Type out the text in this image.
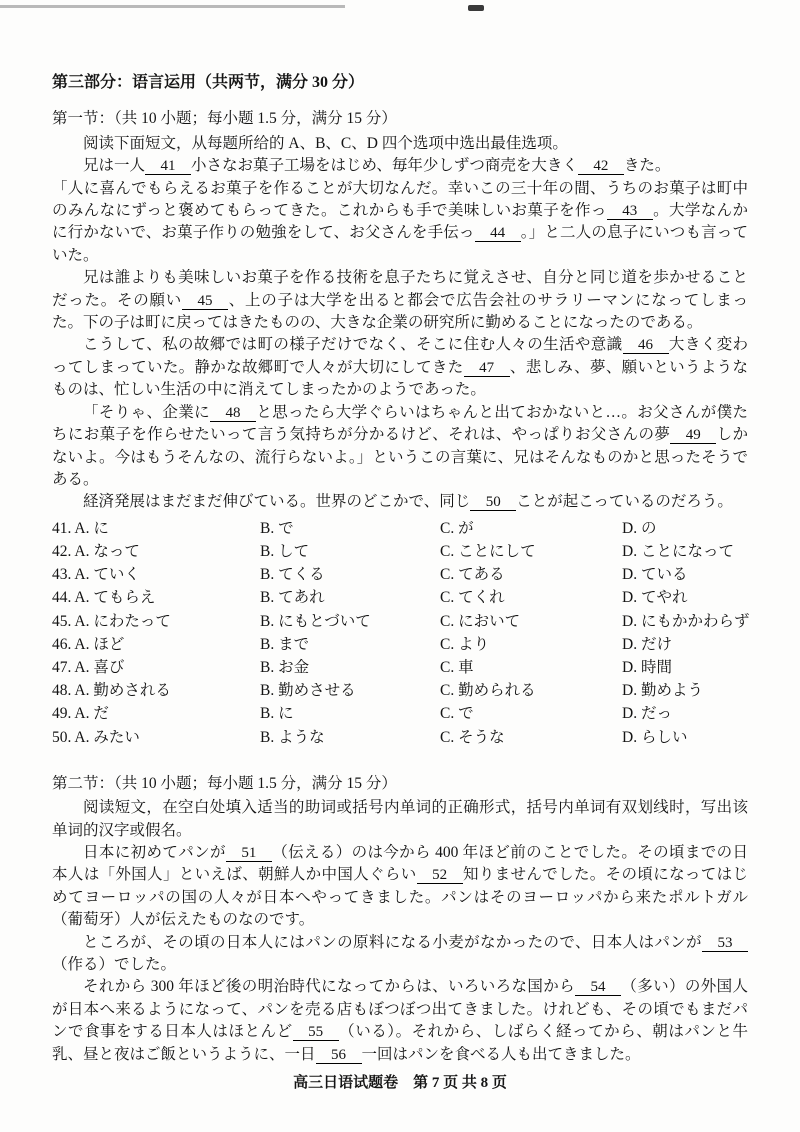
第三部分：语言运用（共两节，满分 30 分）

第一节：（共 10 小题；每小题 1.5 分，满分 15 分）

阅读下面短文，从每题所给的 A、B、C、D 四个选项中选出最佳选项。

兄は一人 41 小さなお菓子工場をはじめ、毎年少しずつ商売を大きく 42 きた。

「人に喜んでもらえるお菓子を作ることが大切なんだ。幸いこの三十年の間、うちのお菓子は町中のみんなにずっと褒めてもらってきた。これからも手で美味しいお菓子を作っ 43 。大学なんかに行かないで、お菓子作りの勉強をして、お父さんを手伝っ 44 。」と二人の息子にいつも言っていた。

兄は誰よりも美味しいお菓子を作る技術を息子たちに覚えさせ、自分と同じ道を歩かせることだった。その願い 45 、上の子は大学を出ると都会で広告会社のサラリーマンになってしまった。下の子は町に戻ってはきたものの、大きな企業の研究所に勤めることになったのである。

こうして、私の故郷では町の様子だけでなく、そこに住む人々の生活や意識 46 大きく変わってしまっていた。静かな故郷町で人々が大切にしてきた 47 、悲しみ、夢、願いというようなものは、忙しい生活の中に消えてしまったかのようであった。

「そりゃ、企業に 48 と思ったら大学ぐらいはちゃんと出ておかないと…。お父さんが僕たちにお菓子を作らせたいって言う気持ちが分かるけど、それは、やっぱりお父さんの夢 49 しかないよ。今はもうそんなの、流行らないよ。」というこの言葉に、兄はそんなものかと思ったそうである。

経済発展はまだまだ伸びている。世界のどこかで、同じ 50 ことが起こっているのだろう。

41. A. に	B. で	C. が	D. の
42. A. なって	B. して	C. ことにして	D. ことになって
43. A. ていく	B. てくる	C. てある	D. ている
44. A. てもらえ	B. てあれ	C. てくれ	D. てやれ
45. A. にわたって	B. にもとづいて	C. において	D. にもかかわらず
46. A. ほど	B. まで	C. より	D. だけ
47. A. 喜び	B. お金	C. 車	D. 時間
48. A. 勤めされる	B. 勤めさせる	C. 勤められる	D. 勤めよう
49. A. だ	B. に	C. で	D. だっ
50. A. みたい	B. ような	C. そうな	D. らしい

第二节：（共 10 小题；每小题 1.5 分，满分 15 分）

阅读短文，在空白处填入适当的助词或括号内单词的正确形式，括号内单词有双划线时，写出该单词的汉字或假名。

日本に初めてパンが 51 （伝える）のは今から 400 年ほど前のことでした。その頃までの日本人は「外国人」といえば、朝鮮人か中国人ぐらい 52 知りませんでした。その頃になってはじめてヨーロッパの国の人々が日本へやってきました。パンはそのヨーロッパから来たポルトガル（葡萄牙）人が伝えたものなのです。

ところが、その頃の日本人にはパンの原料になる小麦がなかったので、日本人はパンが 53（作る）でした。

それから 300 年ほど後の明治時代になってからは、いろいろな国から 54 （多い）の外国人が日本へ来るようになって、パンを売る店もぼつぼつ出てきました。けれども、その頃でもまだパンで食事をする日本人はほとんど 55 （いる）。それから、しばらく経ってから、朝はパンと牛乳、昼と夜はご飯というように、一日 56 一回はパンを食べる人も出てきました。

高三日语试题卷　第 7 页 共 8 页
